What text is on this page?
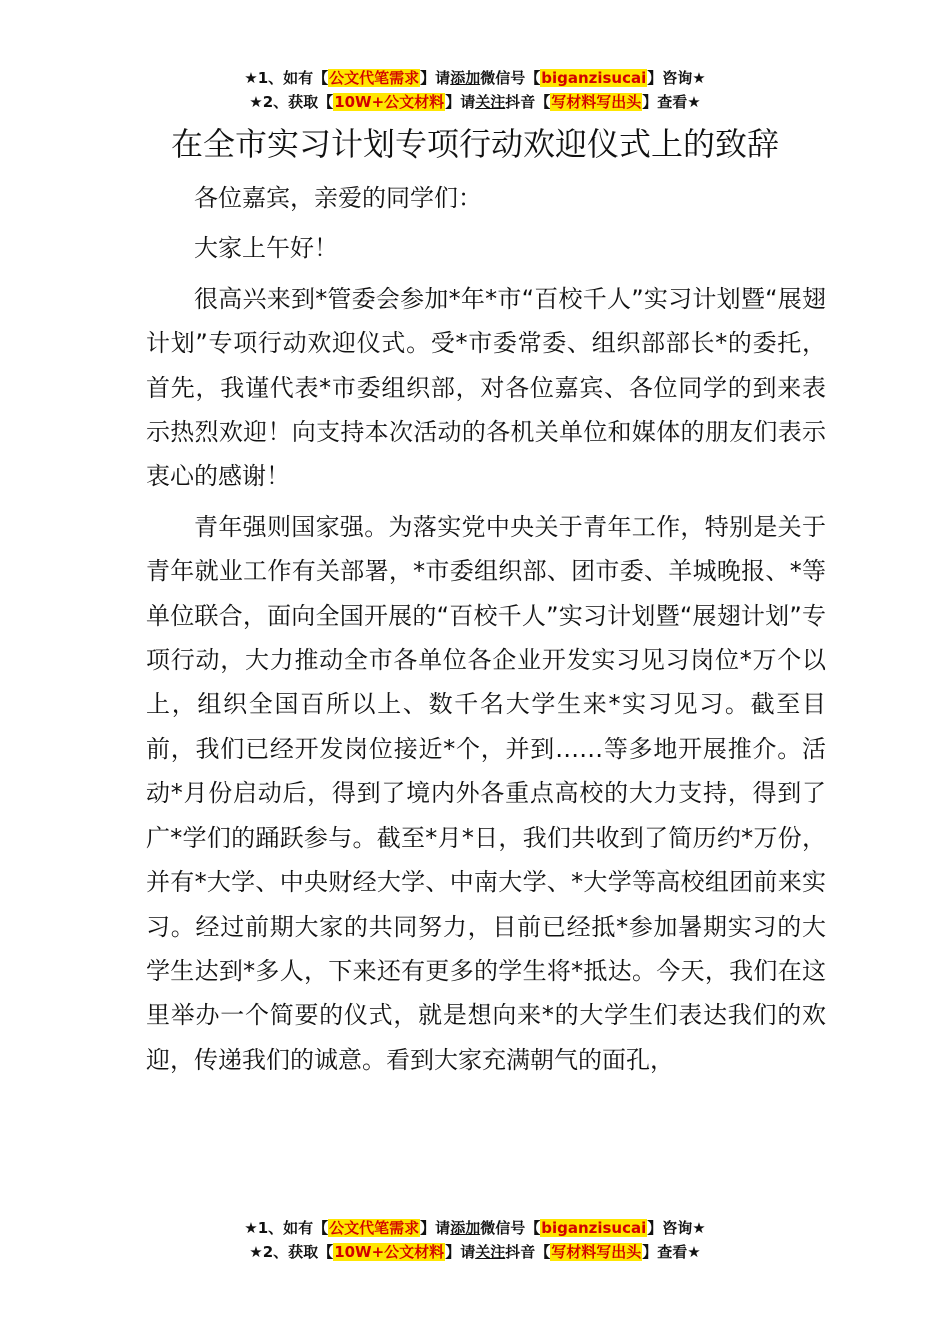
★1、如有【公文代笔需求】请添加微信号【biganzisucai】咨询★
★2、获取【10W+公文材料】请关注抖音【写材料写出头】查看★
在全市实习计划专项行动欢迎仪式上的致辞

各位嘉宾，亲爱的同学们：

大家上午好！

很高兴来到*管委会参加*年*市“百校千人”实习计划暨“展翅计划”专项行动欢迎仪式。受*市委常委、组织部部长*的委托，首先，我谨代表*市委组织部，对各位嘉宾、各位同学的到来表示热烈欢迎！向支持本次活动的各机关单位和媒体的朋友们表示衷心的感谢！

青年强则国家强。为落实党中央关于青年工作，特别是关于青年就业工作有关部署，*市委组织部、团市委、羊城晚报、*等单位联合，面向全国开展的“百校千人”实习计划暨“展翅计划”专项行动，大力推动全市各单位各企业开发实习见习岗位*万个以上，组织全国百所以上、数千名大学生来*实习见习。截至目前，我们已经开发岗位接近*个，并到……等多地开展推介。活动*月份启动后，得到了境内外各重点高校的大力支持，得到了广*学们的踊跃参与。截至*月*日，我们共收到了简历约*万份，并有*大学、中央财经大学、中南大学、*大学等高校组团前来实习。经过前期大家的共同努力，目前已经抵*参加暑期实习的大学生达到*多人，下来还有更多的学生将*抵达。今天，我们在这里举办一个简要的仪式，就是想向来*的大学生们表达我们的欢迎，传递我们的诚意。看到大家充满朝气的面孔，

★1、如有【公文代笔需求】请添加微信号【biganzisucai】咨询★
★2、获取【10W+公文材料】请关注抖音【写材料写出头】查看★
